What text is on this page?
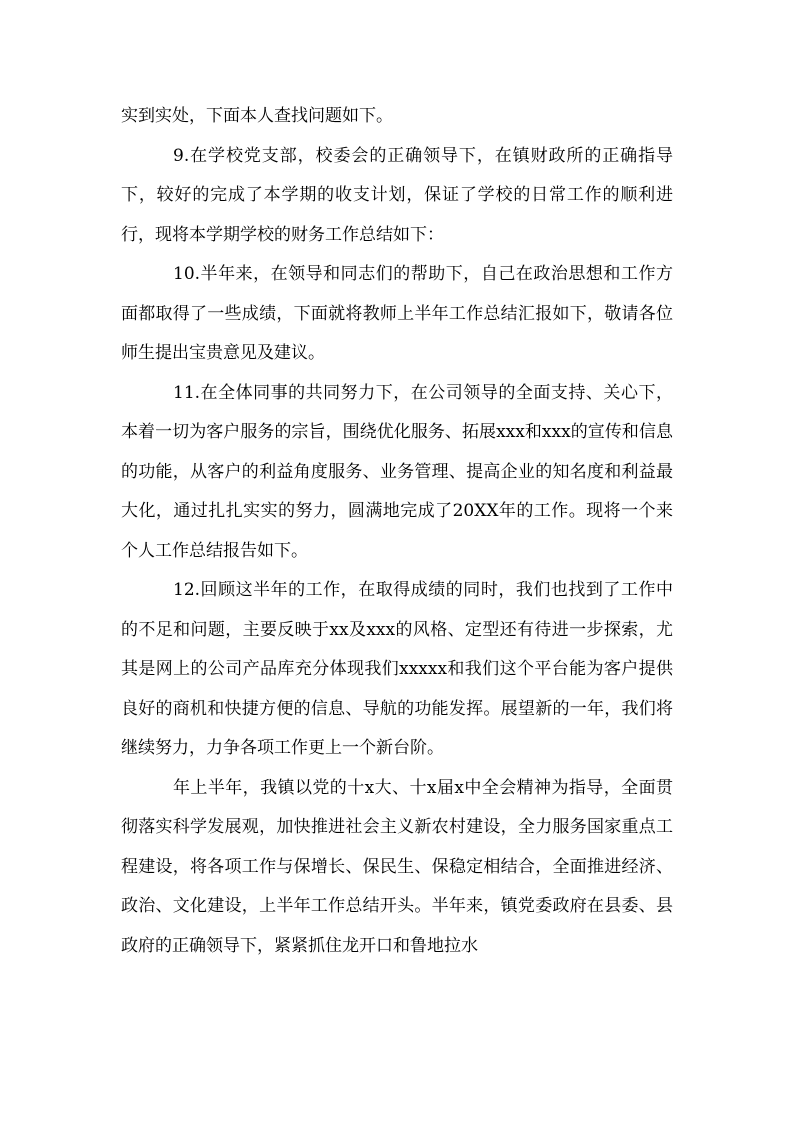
实到实处，下面本人查找问题如下。

9.在学校党支部，校委会的正确领导下，在镇财政所的正确指导下，较好的完成了本学期的收支计划，保证了学校的日常工作的顺利进行，现将本学期学校的财务工作总结如下：

10.半年来，在领导和同志们的帮助下，自己在政治思想和工作方面都取得了一些成绩，下面就将教师上半年工作总结汇报如下，敬请各位师生提出宝贵意见及建议。

11.在全体同事的共同努力下，在公司领导的全面支持、关心下，本着一切为客户服务的宗旨，围绕优化服务、拓展xxx和xxx的宣传和信息的功能，从客户的利益角度服务、业务管理、提高企业的知名度和利益最大化，通过扎扎实实的努力，圆满地完成了20XX年的工作。现将一个来个人工作总结报告如下。

12.回顾这半年的工作，在取得成绩的同时，我们也找到了工作中的不足和问题，主要反映于xx及xxx的风格、定型还有待进一步探索，尤其是网上的公司产品库充分体现我们xxxxx和我们这个平台能为客户提供良好的商机和快捷方便的信息、导航的功能发挥。展望新的一年，我们将继续努力，力争各项工作更上一个新台阶。

年上半年，我镇以党的十x大、十x届x中全会精神为指导，全面贯彻落实科学发展观，加快推进社会主义新农村建设，全力服务国家重点工程建设，将各项工作与保增长、保民生、保稳定相结合，全面推进经济、政治、文化建设，上半年工作总结开头。半年来，镇党委政府在县委、县政府的正确领导下，紧紧抓住龙开口和鲁地拉水
